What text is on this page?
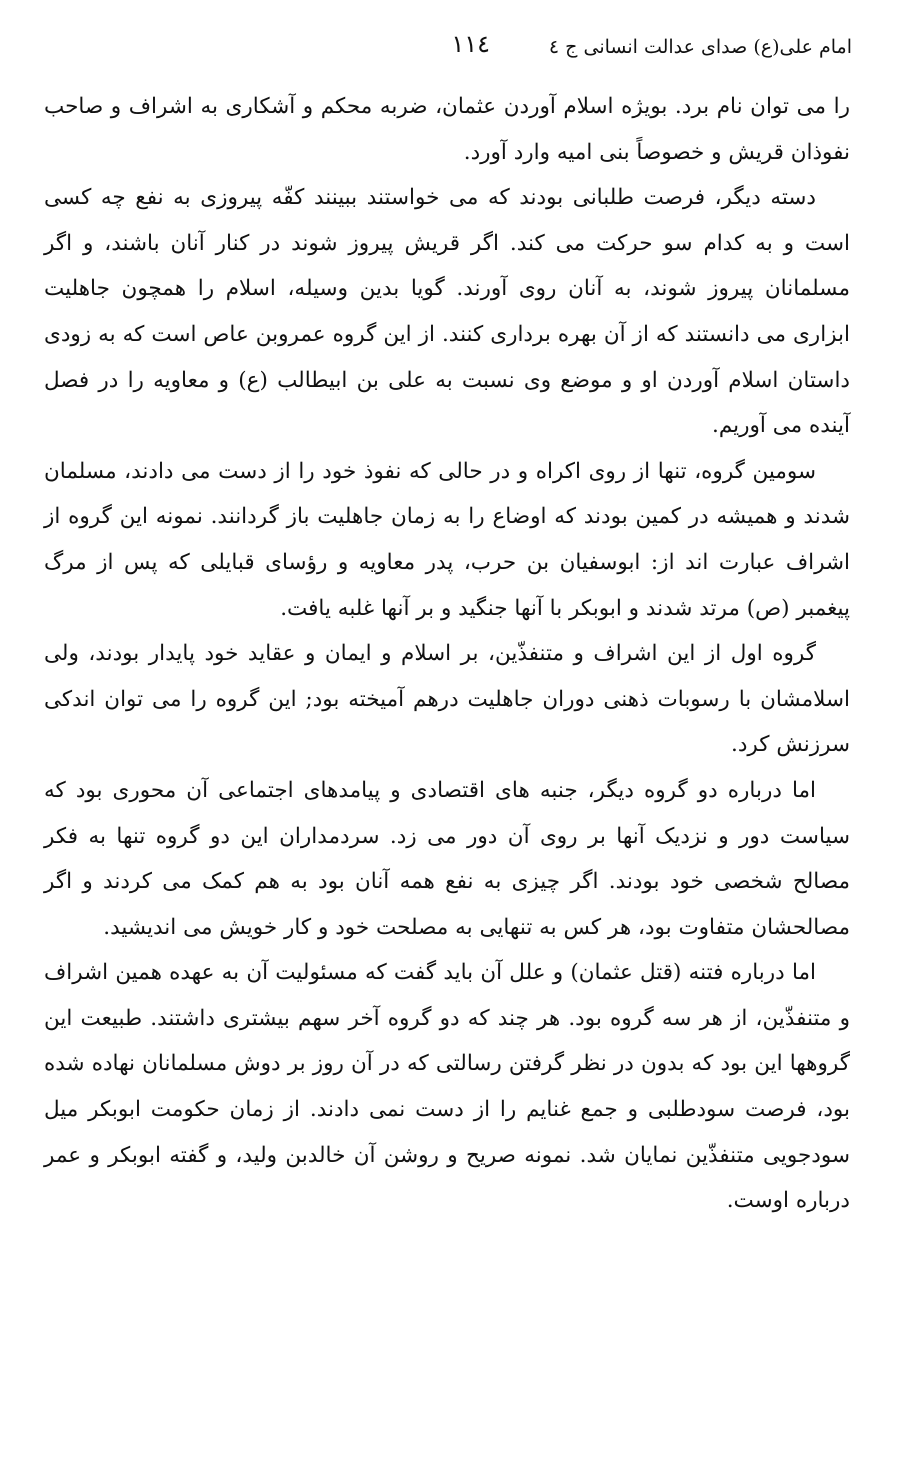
امام علی(ع) صدای عدالت انسانی ج ٤
١١٤

را می توان نام برد. بویژه اسلام آوردن عثمان، ضربه محکم و آشکاری به اشراف و صاحب نفوذان قریش و خصوصاً بنی امیه وارد آورد.

دسته دیگر، فرصت طلبانی بودند که می خواستند ببینند کفّه پیروزی به نفع چه کسی است و به کدام سو حرکت می کند. اگر قریش پیروز شوند در کنار آنان باشند، و اگر مسلمانان پیروز شوند، به آنان روی آورند. گویا بدین وسیله، اسلام را همچون جاهلیت ابزاری می دانستند که از آن بهره برداری کنند. از این گروه عمروبن عاص است که به زودی داستان اسلام آوردن او و موضع وی نسبت به علی بن ابیطالب (ع) و معاویه را در فصل آینده می آوریم.

سومین گروه، تنها از روی اکراه و در حالی که نفوذ خود را از دست می دادند، مسلمان شدند و همیشه در کمین بودند که اوضاع را به زمان جاهلیت باز گردانند. نمونه این گروه از اشراف عبارت اند از: ابوسفیان بن حرب، پدر معاویه و رؤسای قبایلی که پس از مرگ پیغمبر (ص) مرتد شدند و ابوبکر با آنها جنگید و بر آنها غلبه یافت.

گروه اول از این اشراف و متنفذّین، بر اسلام و ایمان و عقاید خود پایدار بودند، ولی اسلامشان با رسوبات ذهنی دوران جاهلیت درهم آمیخته بود; این گروه را می توان اندکی سرزنش کرد.

اما درباره دو گروه دیگر، جنبه های اقتصادی و پیامدهای اجتماعی آن محوری بود که سیاست دور و نزدیک آنها بر روی آن دور می زد. سردمداران این دو گروه تنها به فکر مصالح شخصی خود بودند. اگر چیزی به نفع همه آنان بود به هم کمک می کردند و اگر مصالحشان متفاوت بود، هر کس به تنهایی به مصلحت خود و کار خویش می اندیشید.

اما درباره فتنه (قتل عثمان) و علل آن باید گفت که مسئولیت آن به عهده همین اشراف و متنفذّین، از هر سه گروه بود. هر چند که دو گروه آخر سهم بیشتری داشتند. طبیعت این گروهها این بود که بدون در نظر گرفتن رسالتی که در آن روز بر دوش مسلمانان نهاده شده بود، فرصت سودطلبی و جمع غنایم را از دست نمی دادند. از زمان حکومت ابوبکر میل سودجویی متنفذّین نمایان شد. نمونه صریح و روشن آن خالدبن ولید، و گفته ابوبکر و عمر درباره اوست.
